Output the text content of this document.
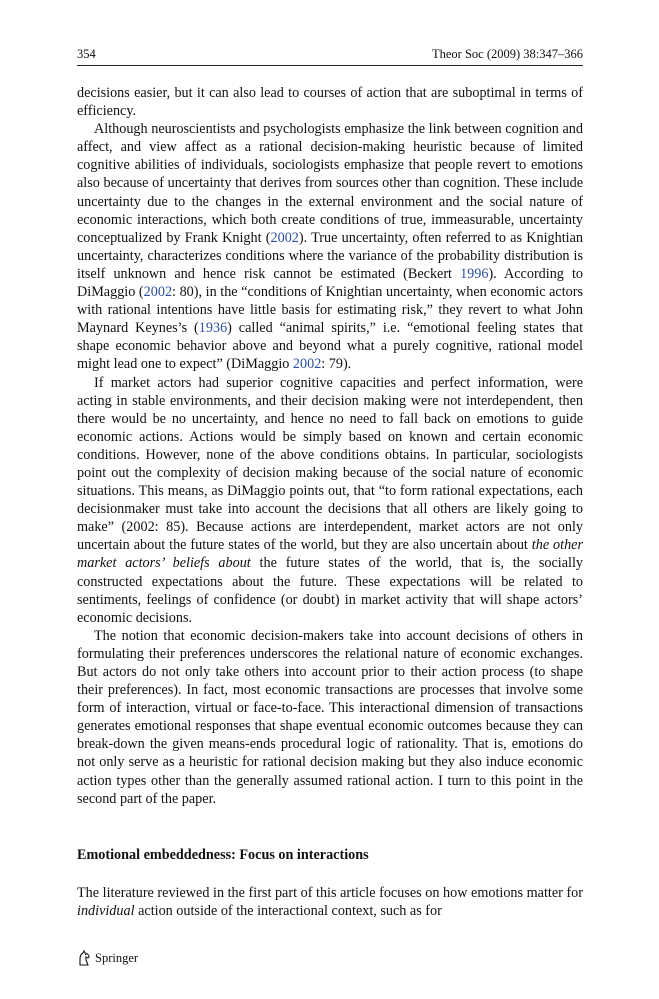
354	Theor Soc (2009) 38:347–366

decisions easier, but it can also lead to courses of action that are suboptimal in terms of efficiency.

Although neuroscientists and psychologists emphasize the link between cognition and affect, and view affect as a rational decision-making heuristic because of limited cognitive abilities of individuals, sociologists emphasize that people revert to emotions also because of uncertainty that derives from sources other than cognition. These include uncertainty due to the changes in the external environment and the social nature of economic interactions, which both create conditions of true, immeasurable, uncertainty conceptualized by Frank Knight (2002). True uncertainty, often referred to as Knightian uncertainty, characterizes conditions where the variance of the probability distribution is itself unknown and hence risk cannot be estimated (Beckert 1996). According to DiMaggio (2002: 80), in the “conditions of Knightian uncertainty, when economic actors with rational intentions have little basis for estimating risk,” they revert to what John Maynard Keynes’s (1936) called “animal spirits,” i.e. “emotional feeling states that shape economic behavior above and beyond what a purely cognitive, rational model might lead one to expect” (DiMaggio 2002: 79).

If market actors had superior cognitive capacities and perfect information, were acting in stable environments, and their decision making were not interdependent, then there would be no uncertainty, and hence no need to fall back on emotions to guide economic actions. Actions would be simply based on known and certain economic conditions. However, none of the above conditions obtains. In particular, sociologists point out the complexity of decision making because of the social nature of economic situations. This means, as DiMaggio points out, that “to form rational expectations, each decisionmaker must take into account the decisions that all others are likely going to make” (2002: 85). Because actions are interdependent, market actors are not only uncertain about the future states of the world, but they are also uncertain about the other market actors’ beliefs about the future states of the world, that is, the socially constructed expectations about the future. These expectations will be related to sentiments, feelings of confidence (or doubt) in market activity that will shape actors’ economic decisions.

The notion that economic decision-makers take into account decisions of others in formulating their preferences underscores the relational nature of economic exchanges. But actors do not only take others into account prior to their action process (to shape their preferences). In fact, most economic transactions are processes that involve some form of interaction, virtual or face-to-face. This interactional dimension of transactions generates emotional responses that shape eventual economic outcomes because they can break-down the given means-ends procedural logic of rationality. That is, emotions do not only serve as a heuristic for rational decision making but they also induce economic action types other than the generally assumed rational action. I turn to this point in the second part of the paper.

Emotional embeddedness: Focus on interactions

The literature reviewed in the first part of this article focuses on how emotions matter for individual action outside of the interactional context, such as for

Springer
